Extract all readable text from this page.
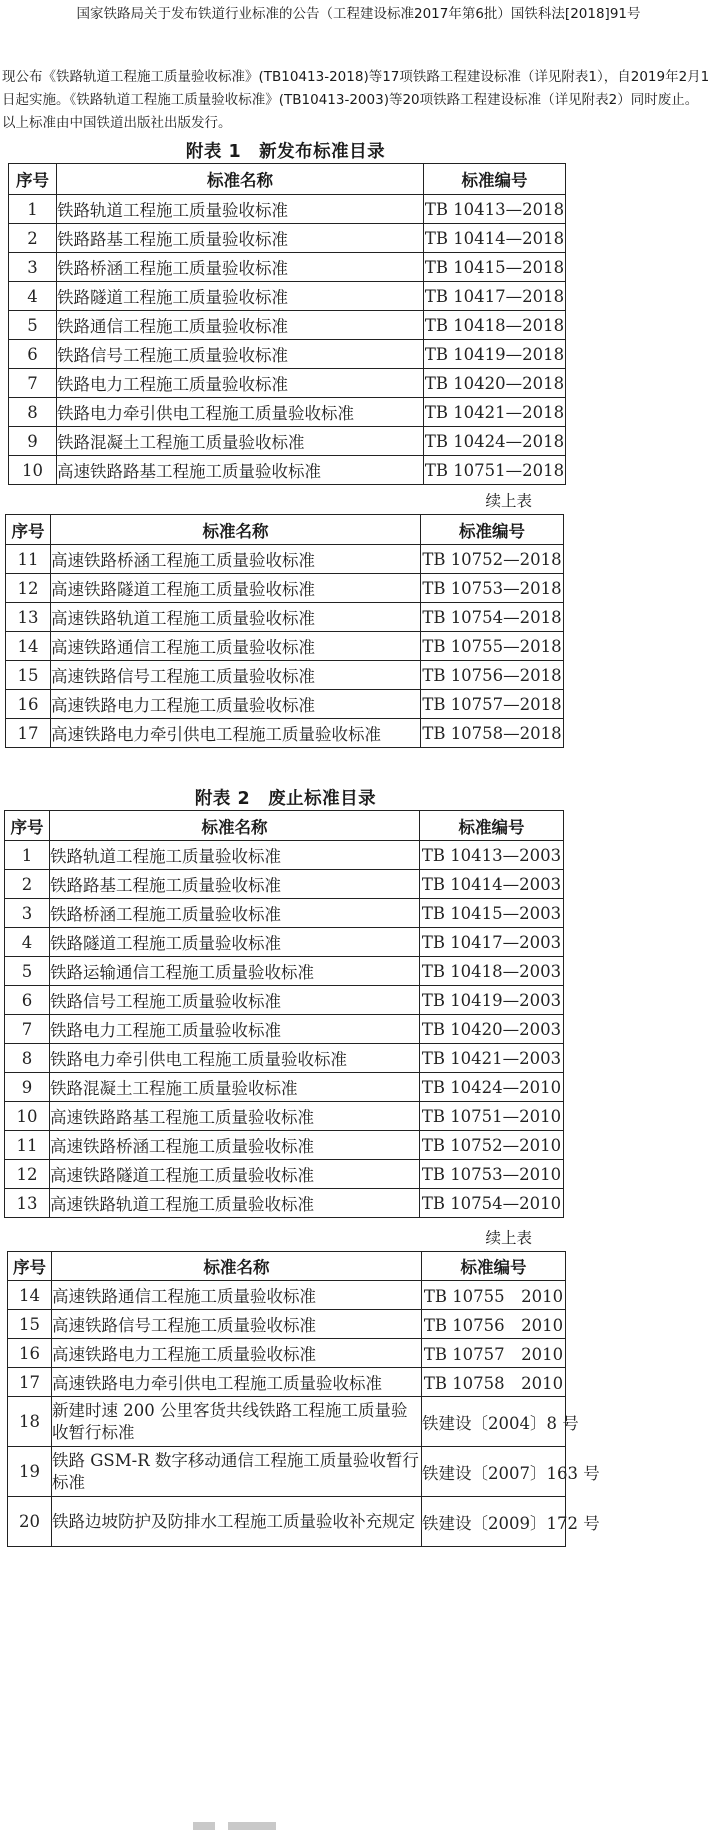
国家铁路局关于发布铁道行业标准的公告（工程建设标准2017年第6批）国铁科法[2018]91号

现公布《铁路轨道工程施工质量验收标准》(TB10413-2018)等17项铁路工程建设标准（详见附表1），自2019年2月1日起实施。《铁路轨道工程施工质量验收标准》(TB10413-2003)等20项铁路工程建设标准（详见附表2）同时废止。

以上标准由中国铁道出版社出版发行。

附表 1　新发布标准目录
序号	标准名称	标准编号
1	铁路轨道工程施工质量验收标准	TB 10413—2018
2	铁路路基工程施工质量验收标准	TB 10414—2018
3	铁路桥涵工程施工质量验收标准	TB 10415—2018
4	铁路隧道工程施工质量验收标准	TB 10417—2018
5	铁路通信工程施工质量验收标准	TB 10418—2018
6	铁路信号工程施工质量验收标准	TB 10419—2018
7	铁路电力工程施工质量验收标准	TB 10420—2018
8	铁路电力牵引供电工程施工质量验收标准	TB 10421—2018
9	铁路混凝土工程施工质量验收标准	TB 10424—2018
10	高速铁路路基工程施工质量验收标准	TB 10751—2018
续上表
序号	标准名称	标准编号
11	高速铁路桥涵工程施工质量验收标准	TB 10752—2018
12	高速铁路隧道工程施工质量验收标准	TB 10753—2018
13	高速铁路轨道工程施工质量验收标准	TB 10754—2018
14	高速铁路通信工程施工质量验收标准	TB 10755—2018
15	高速铁路信号工程施工质量验收标准	TB 10756—2018
16	高速铁路电力工程施工质量验收标准	TB 10757—2018
17	高速铁路电力牵引供电工程施工质量验收标准	TB 10758—2018
附表 2　废止标准目录
序号	标准名称	标准编号
1	铁路轨道工程施工质量验收标准	TB 10413—2003
2	铁路路基工程施工质量验收标准	TB 10414—2003
3	铁路桥涵工程施工质量验收标准	TB 10415—2003
4	铁路隧道工程施工质量验收标准	TB 10417—2003
5	铁路运输通信工程施工质量验收标准	TB 10418—2003
6	铁路信号工程施工质量验收标准	TB 10419—2003
7	铁路电力工程施工质量验收标准	TB 10420—2003
8	铁路电力牵引供电工程施工质量验收标准	TB 10421—2003
9	铁路混凝土工程施工质量验收标准	TB 10424—2010
10	高速铁路路基工程施工质量验收标准	TB 10751—2010
11	高速铁路桥涵工程施工质量验收标准	TB 10752—2010
12	高速铁路隧道工程施工质量验收标准	TB 10753—2010
13	高速铁路轨道工程施工质量验收标准	TB 10754—2010
续上表
序号	标准名称	标准编号
14	高速铁路通信工程施工质量验收标准	TB 10755　2010
15	高速铁路信号工程施工质量验收标准	TB 10756　2010
16	高速铁路电力工程施工质量验收标准	TB 10757　2010
17	高速铁路电力牵引供电工程施工质量验收标准	TB 10758　2010
18	新建时速 200 公里客货共线铁路工程施工质量验收暂行标准	铁建设〔2004〕8 号
19	铁路 GSM-R 数字移动通信工程施工质量验收暂行标准	铁建设〔2007〕163 号
20	铁路边坡防护及防排水工程施工质量验收补充规定	铁建设〔2009〕172 号
